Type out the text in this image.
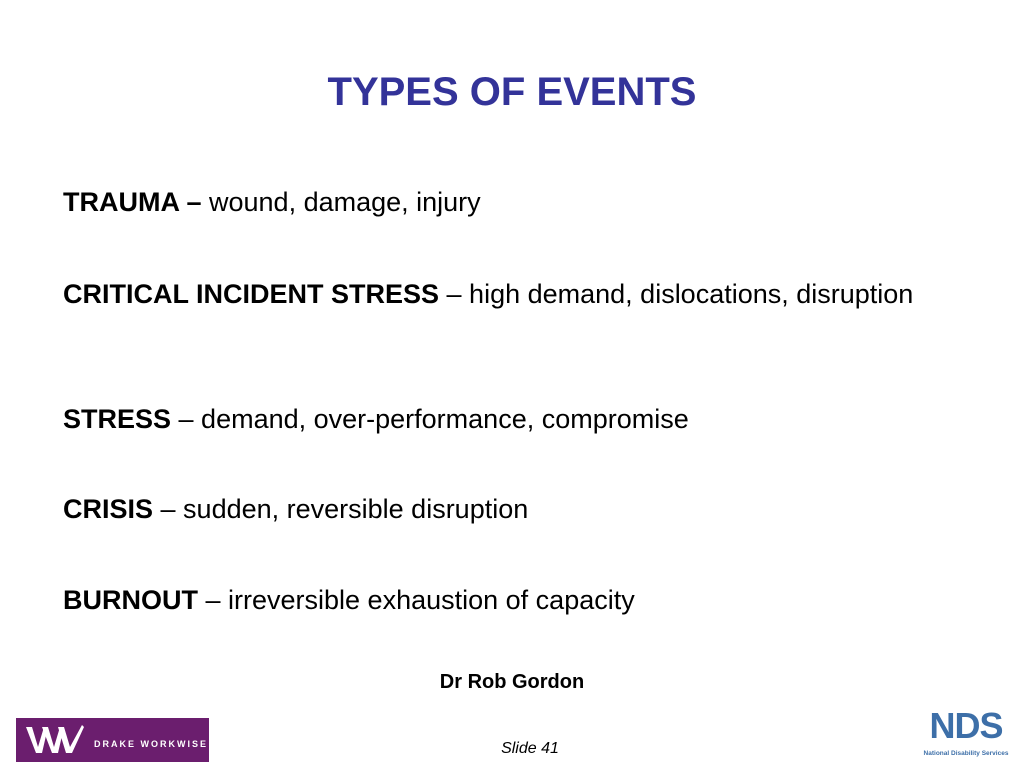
TYPES OF EVENTS
TRAUMA – wound, damage, injury
CRITICAL INCIDENT STRESS – high demand, dislocations, disruption
STRESS – demand, over-performance, compromise
CRISIS – sudden, reversible disruption
BURNOUT – irreversible exhaustion of capacity
Dr Rob Gordon
Slide 41
DRAKE WORKWISE	NDS
National Disability Services
